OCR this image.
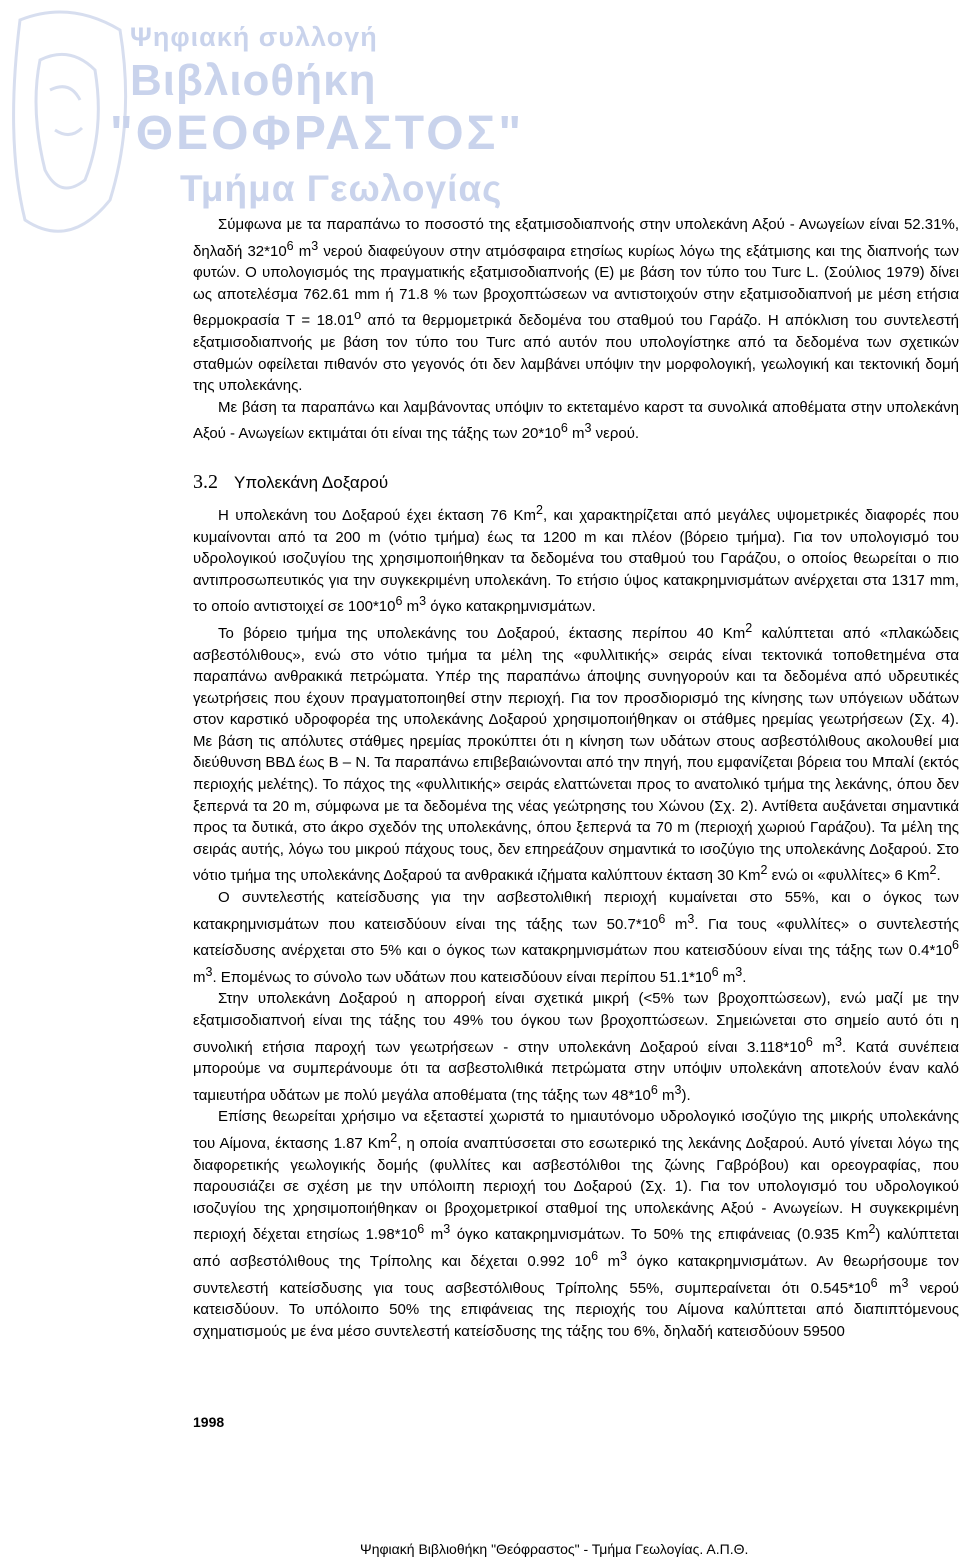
Ψηφιακή συλλογή
Βιβλιοθήκη
"ΘΕΟΦΡΑΣΤΟΣ"
Τμήμα Γεωλογίας

Σύμφωνα με τα παραπάνω το ποσοστό της εξατμισοδιαπνοής στην υπολεκάνη Αξού - Ανωγείων είναι 52.31%, δηλαδή $32*10^6$ $m^3$ νερού διαφεύγουν στην ατμόσφαιρα ετησίως κυρίως λόγω της εξάτμισης και της διαπνοής των φυτών. Ο υπολογισμός της πραγματικής εξατμισοδιαπνοής (Ε) με βάση τον τύπο του Turc L. (Σούλιος 1979) δίνει ως αποτελέσμα 762.61 mm ή 71.8 % των βροχοπτώσεων να αντιστοιχούν στην εξατμισοδιαπνοή με μέση ετήσια θερμοκρασία $T = 18.01^o$ από τα θερμομετρικά δεδομένα του σταθμού του Γαράζο. Η απόκλιση του συντελεστή εξατμισοδιαπνοής με βάση τον τύπο του Turc από αυτόν που υπολογίστηκε από τα δεδομένα των σχετικών σταθμών οφείλεται πιθανόν στο γεγονός ότι δεν λαμβάνει υπόψιν την μορφολογική, γεωλογική και τεκτονική δομή της υπολεκάνης.

Με βάση τα παραπάνω και λαμβάνοντας υπόψιν το εκτεταμένο καρστ τα συνολικά αποθέματα στην υπολεκάνη Αξού - Ανωγείων εκτιμάται ότι είναι της τάξης των $20*10^6$ $m^3$ νερού.

3.2 Υπολεκάνη Δοξαρού

Η υπολεκάνη του Δοξαρού έχει έκταση 76 Km$^2$, και χαρακτηρίζεται από μεγάλες υψομετρικές διαφορές που κυμαίνονται από τα 200 m (νότιο τμήμα) έως τα 1200 m και πλέον (βόρειο τμήμα). Για τον υπολογισμό του υδρολογικού ισοζυγίου της χρησιμοποιήθηκαν τα δεδομένα του σταθμού του Γαράζου, ο οποίος θεωρείται ο πιο αντιπροσωπευτικός για την συγκεκριμένη υπολεκάνη. Το ετήσιο ύψος κατακρημνισμάτων ανέρχεται στα 1317 mm, το οποίο αντιστοιχεί σε $100*10^6$ $m^3$ όγκο κατακρημνισμάτων.

Το βόρειο τμήμα της υπολεκάνης του Δοξαρού, έκτασης περίπου 40 Km$^2$ καλύπτεται από «πλακώδεις ασβεστόλιθους», ενώ στο νότιο τμήμα τα μέλη της «φυλλιτικής» σειράς είναι τεκτονικά τοποθετημένα στα παραπάνω ανθρακικά πετρώματα. Υπέρ της παραπάνω άποψης συνηγορούν και τα δεδομένα από υδρευτικές γεωτρήσεις που έχουν πραγματοποιηθεί στην περιοχή. Για τον προσδιορισμό της κίνησης των υπόγειων υδάτων στον καρστικό υδροφορέα της υπολεκάνης Δοξαρού χρησιμοποιήθηκαν οι στάθμες ηρεμίας γεωτρήσεων (Σχ. 4). Με βάση τις απόλυτες στάθμες ηρεμίας προκύπτει ότι η κίνηση των υδάτων στους ασβεστόλιθους ακολουθεί μια διεύθυνση ΒΒΔ έως Β – Ν. Τα παραπάνω επιβεβαιώνονται από την πηγή, που εμφανίζεται βόρεια του Μπαλί (εκτός περιοχής μελέτης). Το πάχος της «φυλλιτικής» σειράς ελαττώνεται προς το ανατολικό τμήμα της λεκάνης, όπου δεν ξεπερνά τα 20 m, σύμφωνα με τα δεδομένα της νέας γεώτρησης του Χώνου (Σχ. 2). Αντίθετα αυξάνεται σημαντικά προς τα δυτικά, στο άκρο σχεδόν της υπολεκάνης, όπου ξεπερνά τα 70 m (περιοχή χωριού Γαράζου). Τα μέλη της σειράς αυτής, λόγω του μικρού πάχους τους, δεν επηρεάζουν σημαντικά το ισοζύγιο της υπολεκάνης Δοξαρού. Στο νότιο τμήμα της υπολεκάνης Δοξαρού τα ανθρακικά ιζήματα καλύπτουν έκταση 30 Km$^2$ ενώ οι «φυλλίτες» 6 Km$^2$.

Ο συντελεστής κατείσδυσης για την ασβεστολιθική περιοχή κυμαίνεται στο 55%, και ο όγκος των κατακρημνισμάτων που κατεισδύουν είναι της τάξης των $50.7*10^6$ $m^3$. Για τους «φυλλίτες» ο συντελεστής κατείσδυσης ανέρχεται στο 5% και ο όγκος των κατακρημνισμάτων που κατεισδύουν είναι της τάξης των $0.4*10^6$ $m^3$. Επομένως το σύνολο των υδάτων που κατεισδύουν είναι περίπου $51.1*10^6$ $m^3$.

Στην υπολεκάνη Δοξαρού η απορροή είναι σχετικά μικρή (<5% των βροχοπτώσεων), ενώ μαζί με την εξατμισοδιαπνοή είναι της τάξης του 49% του όγκου των βροχοπτώσεων. Σημειώνεται στο σημείο αυτό ότι η συνολική ετήσια παροχή των γεωτρήσεων - στην υπολεκάνη Δοξαρού είναι $3.118*10^6$ $m^3$. Κατά συνέπεια μπορούμε να συμπεράνουμε ότι τα ασβεστολιθικά πετρώματα στην υπόψιν υπολεκάνη αποτελούν έναν καλό ταμιευτήρα υδάτων με πολύ μεγάλα αποθέματα (της τάξης των $48*10^6$ $m^3$).

Επίσης θεωρείται χρήσιμο να εξεταστεί χωριστά το ημιαυτόνομο υδρολογικό ισοζύγιο της μικρής υπολεκάνης του Αίμονα, έκτασης 1.87 Km$^2$, η οποία αναπτύσσεται στο εσωτερικό της λεκάνης Δοξαρού. Αυτό γίνεται λόγω της διαφορετικής γεωλογικής δομής (φυλλίτες και ασβεστόλιθοι της ζώνης Γαβρόβου) και ορεογραφίας, που παρουσιάζει σε σχέση με την υπόλοιπη περιοχή του Δοξαρού (Σχ. 1). Για τον υπολογισμό του υδρολογικού ισοζυγίου της χρησιμοποιήθηκαν οι βροχομετρικοί σταθμοί της υπολεκάνης Αξού - Ανωγείων. Η συγκεκριμένη περιοχή δέχεται ετησίως $1.98*10^6$ $m^3$ όγκο κατακρημνισμάτων. Το 50% της επιφάνειας (0.935 Km$^2$) καλύπτεται από ασβεστόλιθους της Τρίπολης και δέχεται 0.992 $10^6$ $m^3$ όγκο κατακρημνισμάτων. Αν θεωρήσουμε τον συντελεστή κατείσδυσης για τους ασβεστόλιθους Τρίπολης 55%, συμπεραίνεται ότι $0.545*10^6$ $m^3$ νερού κατεισδύουν. Το υπόλοιπο 50% της επιφάνειας της περιοχής του Αίμονα καλύπτεται από διαπιπτόμενους σχηματισμούς με ένα μέσο συντελεστή κατείσδυσης της τάξης του 6%, δηλαδή κατεισδύουν 59500

1998
Ψηφιακή Βιβλιοθήκη "Θεόφραστος" - Τμήμα Γεωλογίας. Α.Π.Θ.
